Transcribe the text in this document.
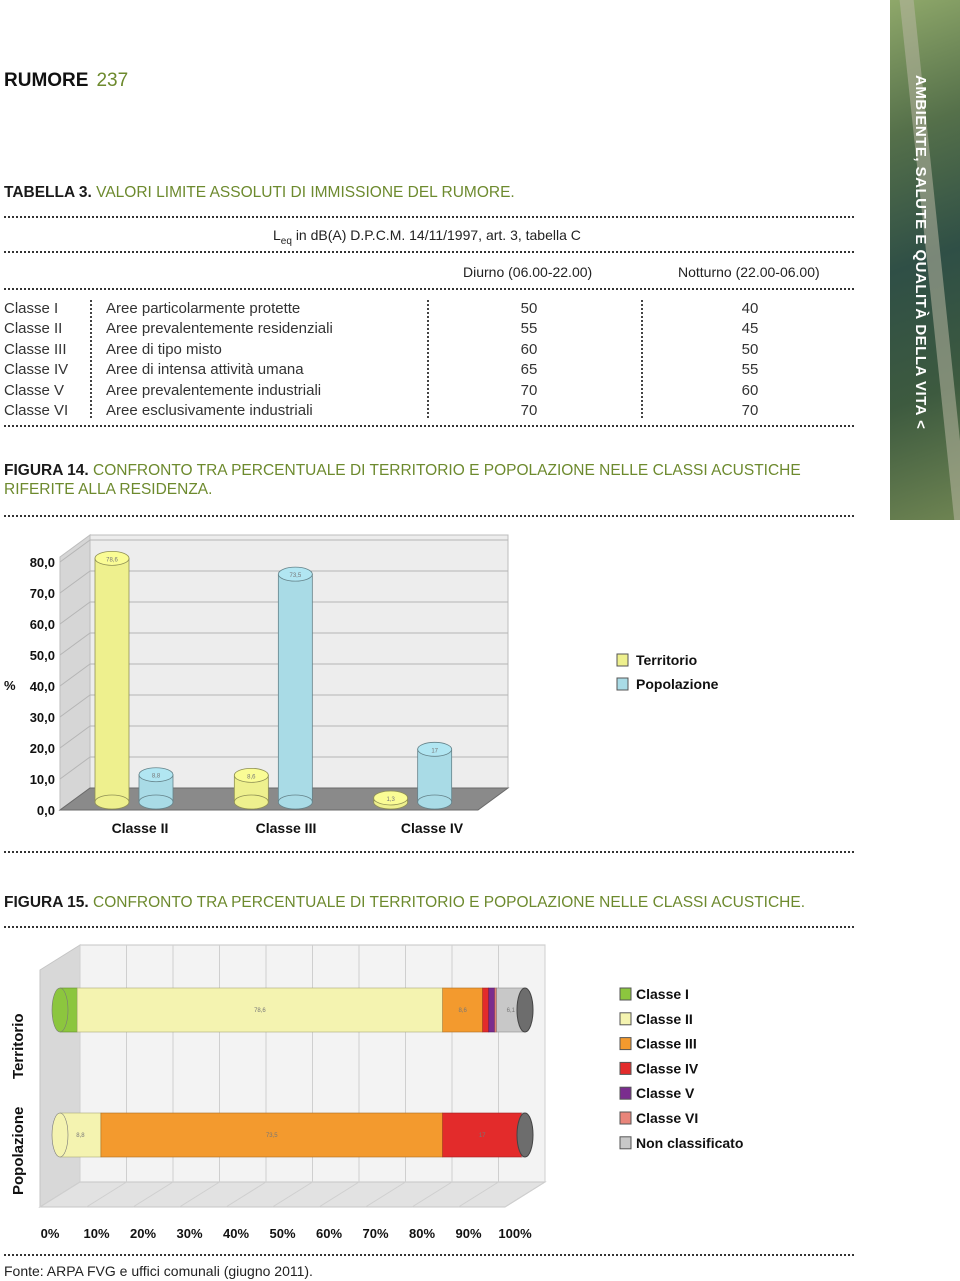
RUMORE 237	AMBIENTE, SALUTE E QUALITÀ DELLA VITA <
TABELLA 3. VALORI LIMITE ASSOLUTI DI IMMISSIONE DEL RUMORE.
$L_{eq}$ in dB(A) D.P.C.M. 14/11/1997, art. 3, tabella C
Diurno (06.00-22.00)	Notturno (22.00-06.00)
Classe I	Aree particolarmente protette	50	40
Classe II	Aree prevalentemente residenziali	55	45
Classe III	Aree di tipo misto	60	50
Classe IV	Aree di intensa attività umana	65	55
Classe V	Aree prevalentemente industriali	70	60
Classe VI	Aree esclusivamente industriali	70	70
FIGURA 14. CONFRONTO TRA PERCENTUALE DI TERRITORIO E POPOLAZIONE NELLE CLASSI ACUSTICHE RIFERITE ALLA RESIDENZA.
0,0
10,0
20,0
30,0
40,0
50,0
60,0
70,0
80,0
%
78,6
8,8
Classe II
8,6
73,5
Classe III
1,3
17
Classe IV
Territorio
Popolazione
FIGURA 15. CONFRONTO TRA PERCENTUALE DI TERRITORIO E POPOLAZIONE NELLE CLASSI ACUSTICHE.
0% 10% 20% 30% 40% 50% 60% 70% 80% 90% 100%
78,6	8,6	6,1
Territorio
8,8	73,5	17
Popolazione
Classe I
Classe II
Classe III
Classe IV
Classe V
Classe VI
Non classificato
Fonte: ARPA FVG e uffici comunali (giugno 2011).
